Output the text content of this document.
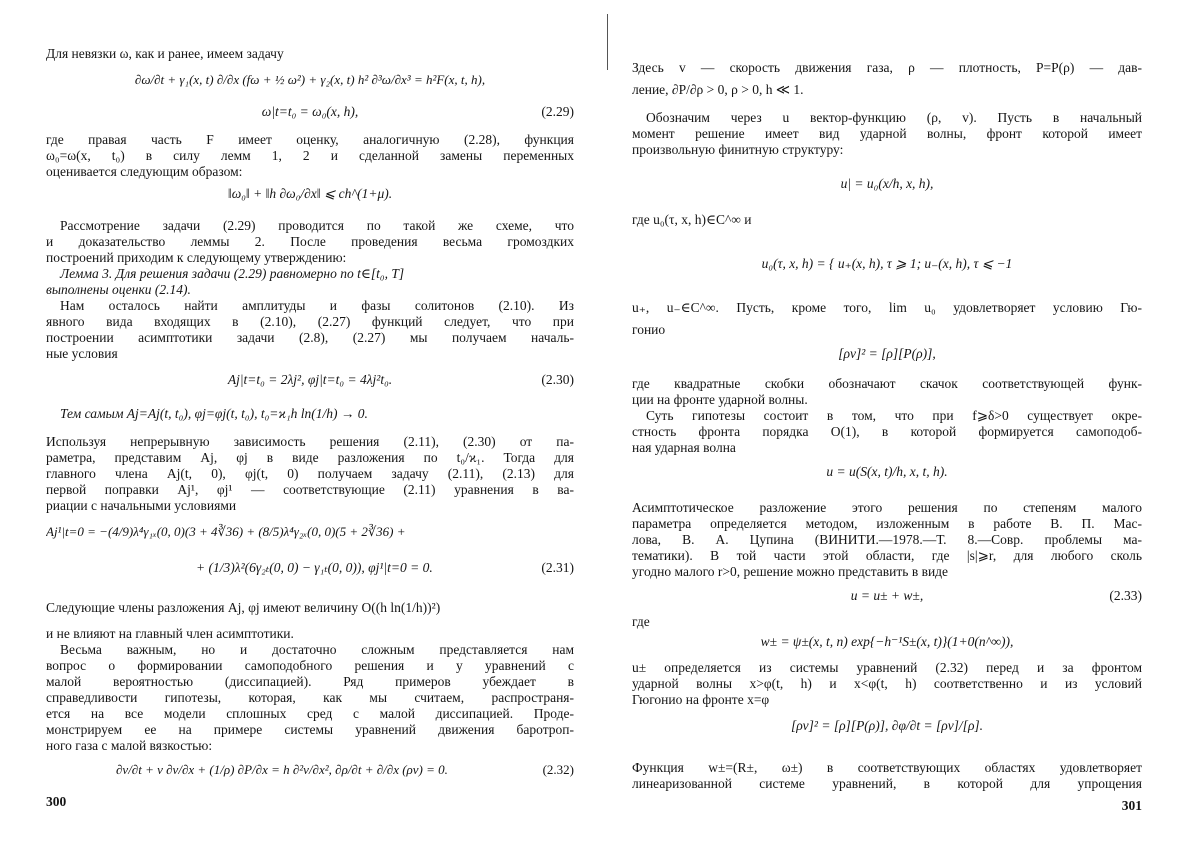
Для невязки ω, как и ранее, имеем задачу
∂ω/∂t + γ₁(x, t) ∂/∂x (fω + ½ ω²) + γ₂(x, t) h² ∂³ω/∂x³ = h²F(x, t, h),
ω|t=t₀ = ω₀(x, h),	(2.29)
где правая часть F имеет оценку, аналогичную (2.28), функция
ω₀=ω(x, t₀) в силу лемм 1, 2 и сделанной замены переменных
оценивается следующим образом:
‖ω₀‖ + ‖h ∂ω₀/∂x‖ ⩽ ch^(1+μ).
Рассмотрение задачи (2.29) проводится по такой же схеме, что
и доказательство леммы 2. После проведения весьма громоздких
построений приходим к следующему утверждению:
Лемма 3. Для решения задачи (2.29) равномерно по t∈[t₀, T]
выполнены оценки (2.14).
Нам осталось найти амплитуды и фазы солитонов (2.10). Из
явного вида входящих в (2.10), (2.27) функций следует, что при
построении асимптотики задачи (2.8), (2.27) мы получаем началь-
ные условия
Aj|t=t₀ = 2λj², φj|t=t₀ = 4λj²t₀.	(2.30)
Тем самым Aj=Aj(t, t₀), φj=φj(t, t₀), t₀=ϰ₁h ln(1/h) → 0.
Используя непрерывную зависимость решения (2.11), (2.30) от па-
раметра, представим Aj, φj в виде разложения по t₀/ϰ₁. Тогда для
главного члена Aj(t, 0), φj(t, 0) получаем задачу (2.11), (2.13) для
первой поправки Aj¹, φj¹ — соответствующие (2.11) уравнения в ва-
риации с начальными условиями
Aj¹|t=0 = −(4/9)λ⁴γ₁ₓ(0, 0)(3 + 4∛36) + (8/5)λ⁴γ₂ₓ(0, 0)(5 + 2∛36) +
+ (1/3)λ²(6γ₂ₜ(0, 0) − γ₁ₜ(0, 0)), φj¹|t=0 = 0.	(2.31)
Следующие члены разложения Aj, φj имеют величину O((h ln(1/h))²)
и не влияют на главный член асимптотики.
Весьма важным, но и достаточно сложным представляется нам
вопрос о формировании самоподобного решения и у уравнений с
малой вероятностью (диссипацией). Ряд примеров убеждает в
справедливости гипотезы, которая, как мы считаем, распространя-
ется на все модели сплошных сред с малой диссипацией. Проде-
монстрируем ее на примере системы уравнений движения баротроп-
ного газа с малой вязкостью:
∂v/∂t + v ∂v/∂x + (1/ρ) ∂P/∂x = h ∂²v/∂x², ∂ρ/∂t + ∂/∂x (ρv) = 0.	(2.32)
300
Здесь v — скорость движения газа, ρ — плотность, P=P(ρ) — дав-
ление, ∂P/∂ρ > 0, ρ > 0, h ≪ 1.
Обозначим через u вектор-функцию (ρ, v). Пусть в начальный
момент решение имеет вид ударной волны, фронт которой имеет
произвольную финитную структуру:
u| = u₀(x/h, x, h),
где u₀(τ, x, h)∈C^∞ и
u₀(τ, x, h) = { u₊(x, h), τ ⩾ 1; u₋(x, h), τ ⩽ −1
u₊, u₋∈C^∞. Пусть, кроме того, lim u₀ удовлетворяет условию Гю-
гонио
[ρv]² = [ρ][P(ρ)],
где квадратные скобки обозначают скачок соответствующей функ-
ции на фронте ударной волны.
Суть гипотезы состоит в том, что при f⩾δ>0 существует окре-
стность фронта порядка O(1), в которой формируется самоподоб-
ная ударная волна
u = u(S(x, t)/h, x, t, h).
Асимптотическое разложение этого решения по степеням малого
параметра определяется методом, изложенным в работе В. П. Мас-
лова, В. А. Цупина (ВИНИТИ.—1978.—Т. 8.—Совр. проблемы ма-
тематики). В той части этой области, где |s|⩾r, для любого сколь
угодно малого r>0, решение можно представить в виде
u = u± + w±,	(2.33)
где
w± = ψ±(x, t, n) exp{−h⁻¹S±(x, t)}(1+0(n^∞)),
u± определяется из системы уравнений (2.32) перед и за фронтом
ударной волны x>φ(t, h) и x<φ(t, h) соответственно и из условий
Гюгонио на фронте x=φ
[ρv]² = [ρ][P(ρ)], ∂φ/∂t = [ρv]/[ρ].
Функция w±=(R±, ω±) в соответствующих областях удовлетворяет
линеаризованной системе уравнений, в которой для упрощения
301
